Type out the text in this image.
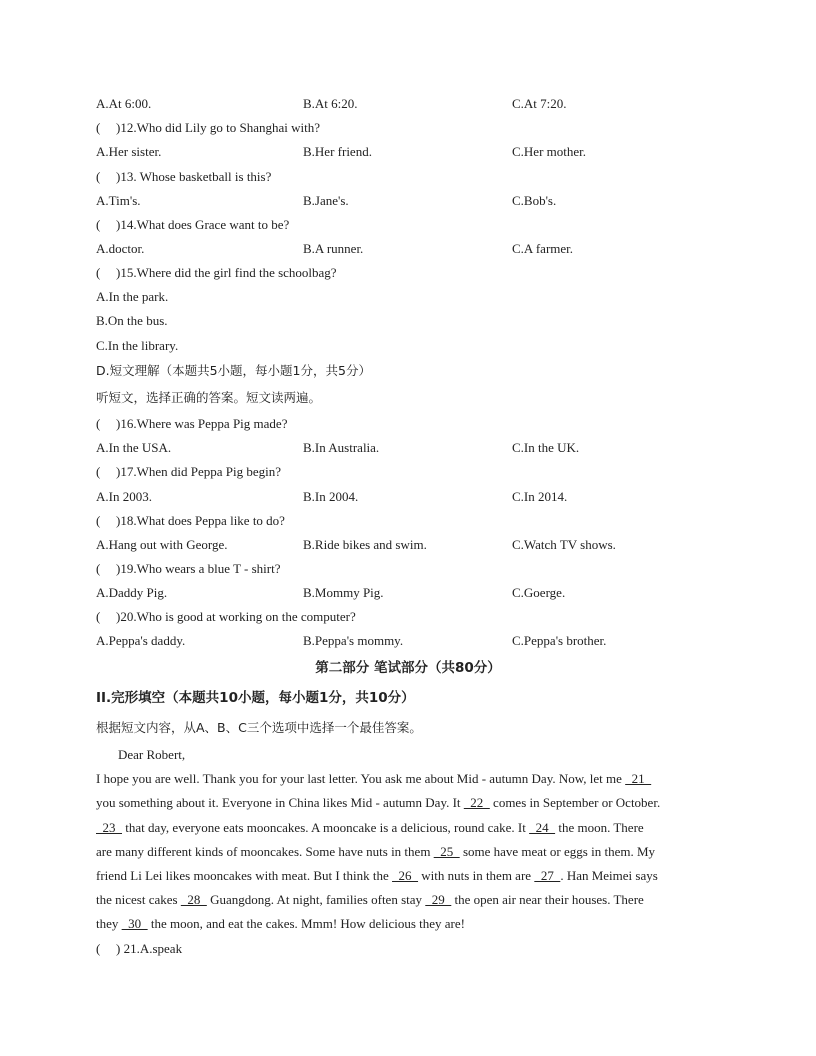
A.At 6:00.	B.At 6:20.	C.At 7:20.
( )12.Who did Lily go to Shanghai with?
A.Her sister.	B.Her friend.	C.Her mother.
( )13. Whose basketball is this?
A.Tim's.	B.Jane's.	C.Bob's.
( )14.What does Grace want to be?
A.doctor.	B.A runner.	C.A farmer.
( )15.Where did the girl find the schoolbag?
A.In the park.
B.On the bus.
C.In the library.
D.短文理解（本题共5小题，每小题1分，共5分）
听短文，选择正确的答案。短文读两遍。
( )16.Where was Peppa Pig made?
A.In the USA.	B.In Australia.	C.In the UK.
( )17.When did Peppa Pig begin?
A.In 2003.	B.In 2004.	C.In 2014.
( )18.What does Peppa like to do?
A.Hang out with George.	B.Ride bikes and swim.	C.Watch TV shows.
( )19.Who wears a blue T - shirt?
A.Daddy Pig.	B.Mommy Pig.	C.Goerge.
( )20.Who is good at working on the computer?
A.Peppa's daddy.	B.Peppa's mommy.	C.Peppa's brother.
第二部分 笔试部分（共80分）
II.完形填空（本题共10小题，每小题1分，共10分）
根据短文内容，从A、B、C三个选项中选择一个最佳答案。
Dear Robert,
I hope you are well. Thank you for your last letter. You ask me about Mid - autumn Day. Now, let me   21
you something about it. Everyone in China likes Mid - autumn Day. It   22   comes in September or October.
23   that day, everyone eats mooncakes. A mooncake is a delicious, round cake. It   24   the moon. There
are many different kinds of mooncakes. Some have nuts in them   25   some have meat or eggs in them. My
friend Li Lei likes mooncakes with meat. But I think the   26   with nuts in them are   27  . Han Meimei says
the nicest cakes   28   Guangdong. At night, families often stay   29   the open air near their houses. There
they   30   the moon, and eat the cakes. Mmm! How delicious they are!
( ) 21.A.speak
